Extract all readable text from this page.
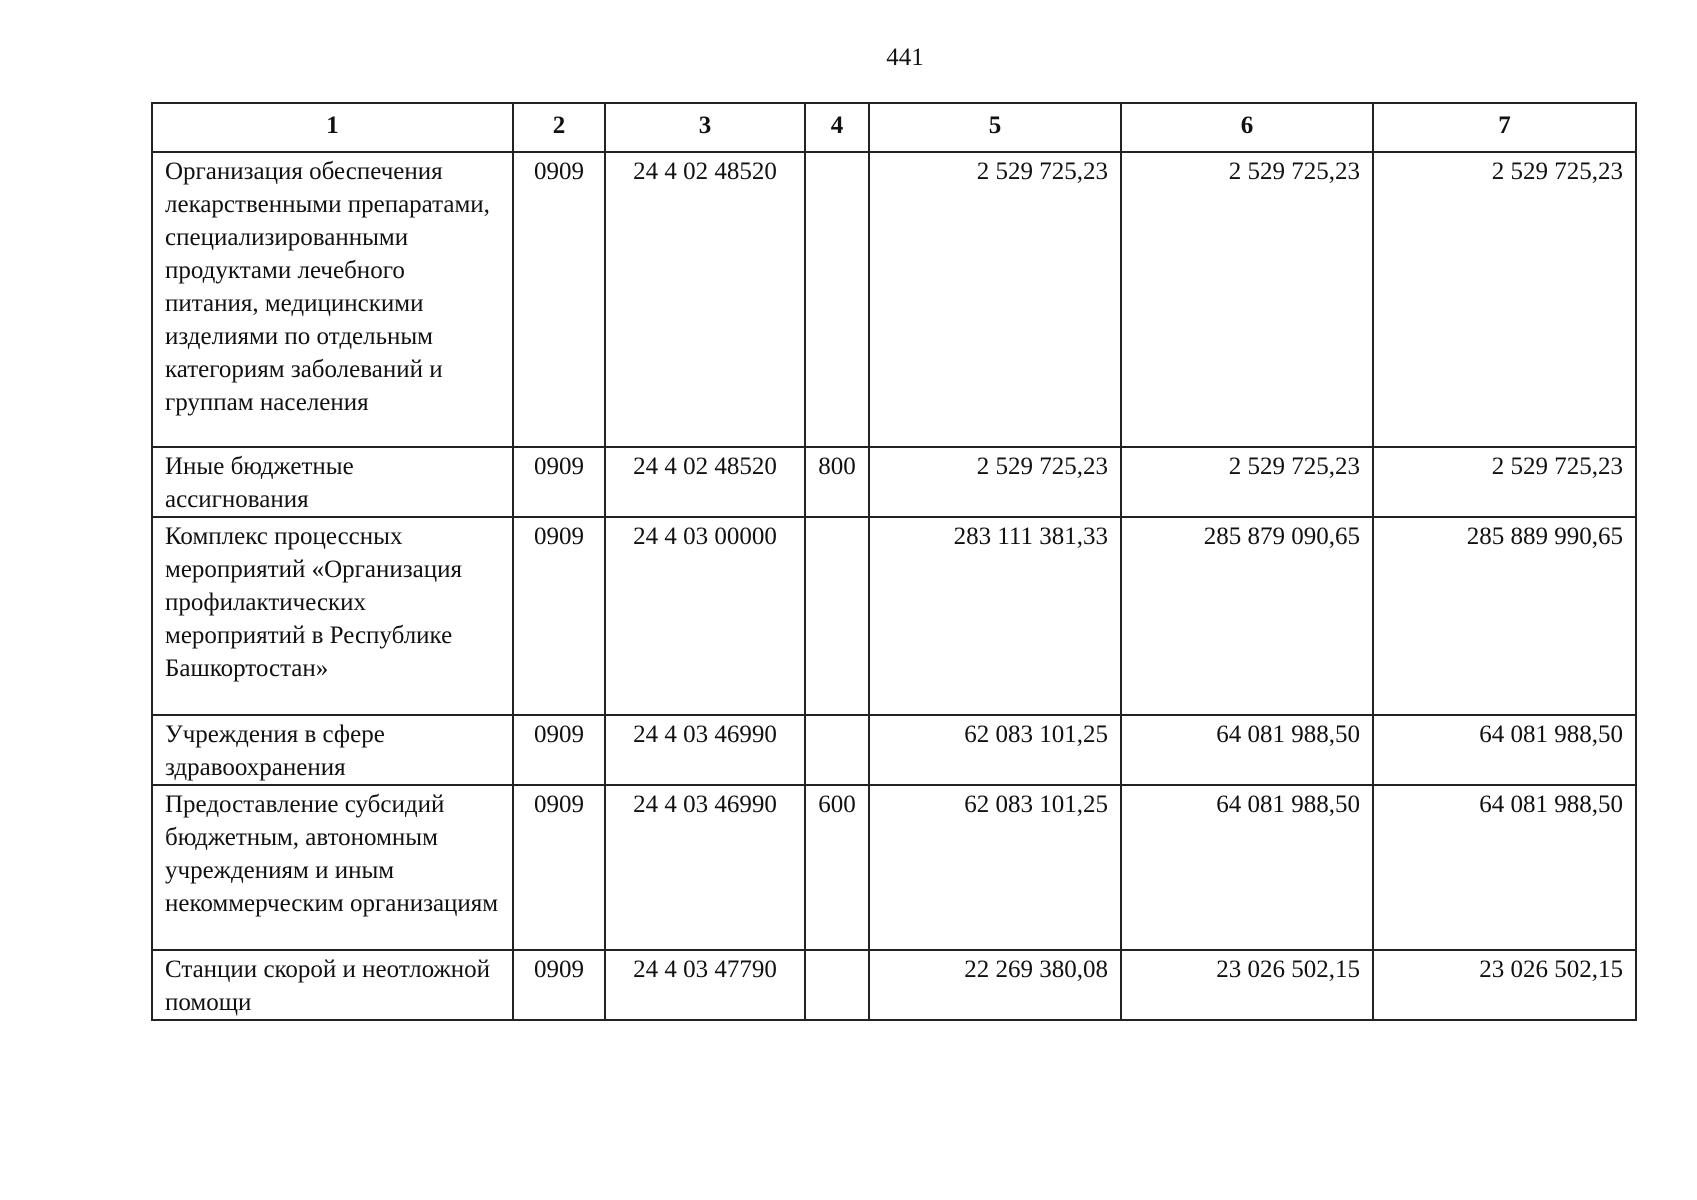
441
1	2	3	4	5	6	7
Организация обеспечения лекарственными препаратами, специализированными продуктами лечебного питания, медицинскими изделиями по отдельным категориям заболеваний и группам населения	0909	24 4 02 48520		2 529 725,23	2 529 725,23	2 529 725,23
Иные бюджетные ассигнования	0909	24 4 02 48520	800	2 529 725,23	2 529 725,23	2 529 725,23
Комплекс процессных мероприятий «Организация профилактических мероприятий в Республике Башкортостан»	0909	24 4 03 00000		283 111 381,33	285 879 090,65	285 889 990,65
Учреждения в сфере здравоохранения	0909	24 4 03 46990		62 083 101,25	64 081 988,50	64 081 988,50
Предоставление субсидий бюджетным, автономным учреждениям и иным некоммерческим организациям	0909	24 4 03 46990	600	62 083 101,25	64 081 988,50	64 081 988,50
Станции скорой и неотложной помощи	0909	24 4 03 47790		22 269 380,08	23 026 502,15	23 026 502,15
